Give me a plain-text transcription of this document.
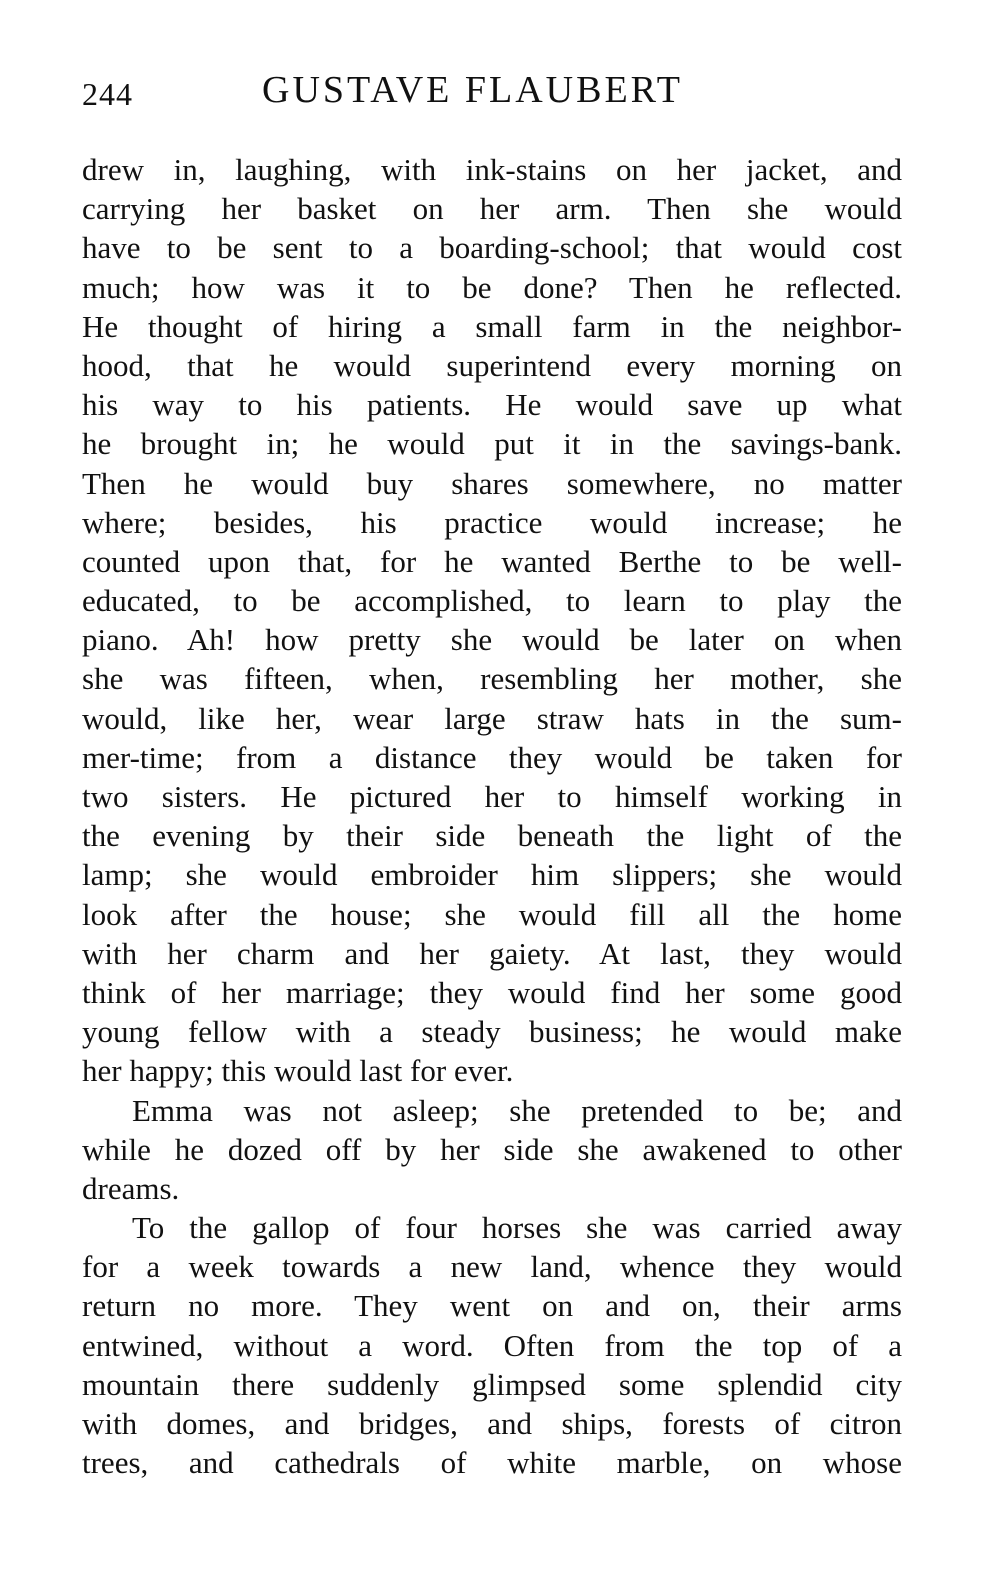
244	GUSTAVE FLAUBERT
drew in, laughing, with ink-stains on her jacket, and
carrying her basket on her arm. Then she would
have to be sent to a boarding-school; that would cost
much; how was it to be done? Then he reflected.
He thought of hiring a small farm in the neighbor-
hood, that he would superintend every morning on
his way to his patients. He would save up what
he brought in; he would put it in the savings-bank.
Then he would buy shares somewhere, no matter
where; besides, his practice would increase; he
counted upon that, for he wanted Berthe to be well-
educated, to be accomplished, to learn to play the
piano. Ah! how pretty she would be later on when
she was fifteen, when, resembling her mother, she
would, like her, wear large straw hats in the sum-
mer-time; from a distance they would be taken for
two sisters. He pictured her to himself working in
the evening by their side beneath the light of the
lamp; she would embroider him slippers; she would
look after the house; she would fill all the home
with her charm and her gaiety. At last, they would
think of her marriage; they would find her some good
young fellow with a steady business; he would make
her happy; this would last for ever.
Emma was not asleep; she pretended to be; and
while he dozed off by her side she awakened to other
dreams.
To the gallop of four horses she was carried away
for a week towards a new land, whence they would
return no more. They went on and on, their arms
entwined, without a word. Often from the top of a
mountain there suddenly glimpsed some splendid city
with domes, and bridges, and ships, forests of citron
trees, and cathedrals of white marble, on whose
